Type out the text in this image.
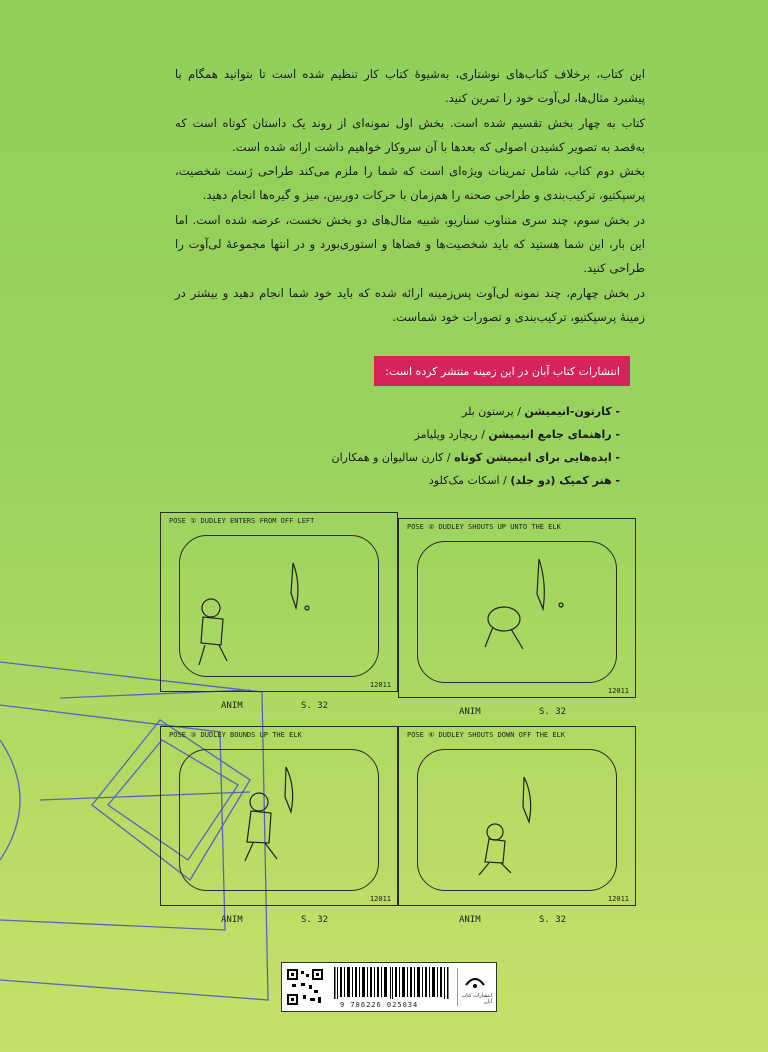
این کتاب، برخلاف کتاب‌های نوشتاری، به‌شیوهٔ کتاب کار تنظیم شده است تا بتوانید همگام با پیشبرد مثال‌ها، لی‌آوت خود را تمرین کنید.

کتاب به چهار بخش تقسیم شده است. بخش اول نمونه‌ای از روند یک داستان کوتاه است که به‌قصد به تصویر کشیدن اصولی که بعدها با آن سروکار خواهیم داشت ارائه شده است.

بخش دوم کتاب، شامل تمرینات ویژه‌ای است که شما را ملزم می‌کند طراحی ژست شخصیت، پرسپکتیو، ترکیب‌بندی و طراحی صحنه را هم‌زمان با حرکات دوربین، میز و گیره‌ها انجام دهید.

در بخش سوم، چند سری متناوب سناریو، شبیه مثال‌های دو بخش نخست، عرضه شده است. اما این بار، این شما هستید که باید شخصیت‌ها و فضاها و استوری‌بورد و در انتها مجموعهٔ لی‌آوت را طراحی کنید.

در بخش چهارم، چند نمونه لی‌آوت پس‌زمینه ارائه شده که باید خود شما انجام دهید و بیشتر در زمینهٔ پرسپکتیو، ترکیب‌بندی و تصورات خود شماست.

انتشارات کتاب آبان در این زمینه منتشر کرده است:
- کارتون-انیمیشن / پرستون بلر
- راهنمای جامع انیمیشن / ریچارد ویلیامز
- ایده‌هایی برای انیمیشن کوتاه / کارن سالیوان و همکاران
- هنر کمیک (دو جلد) / اسکات مک‌کلود
POSE ① DUDLEY ENTERS FROM OFF LEFT
12011
ANIM	S. 32
POSE ② DUDLEY SHOUTS UP UNTO THE ELK
12011
ANIM	S. 32
POSE ③ DUDLEY BOUNDS UP THE ELK
12011
ANIM	S. 32
POSE ④ DUDLEY SHOUTS DOWN OFF THE ELK
12011
ANIM	S. 32
9 786226 025034
انتشارات کتاب آبان
